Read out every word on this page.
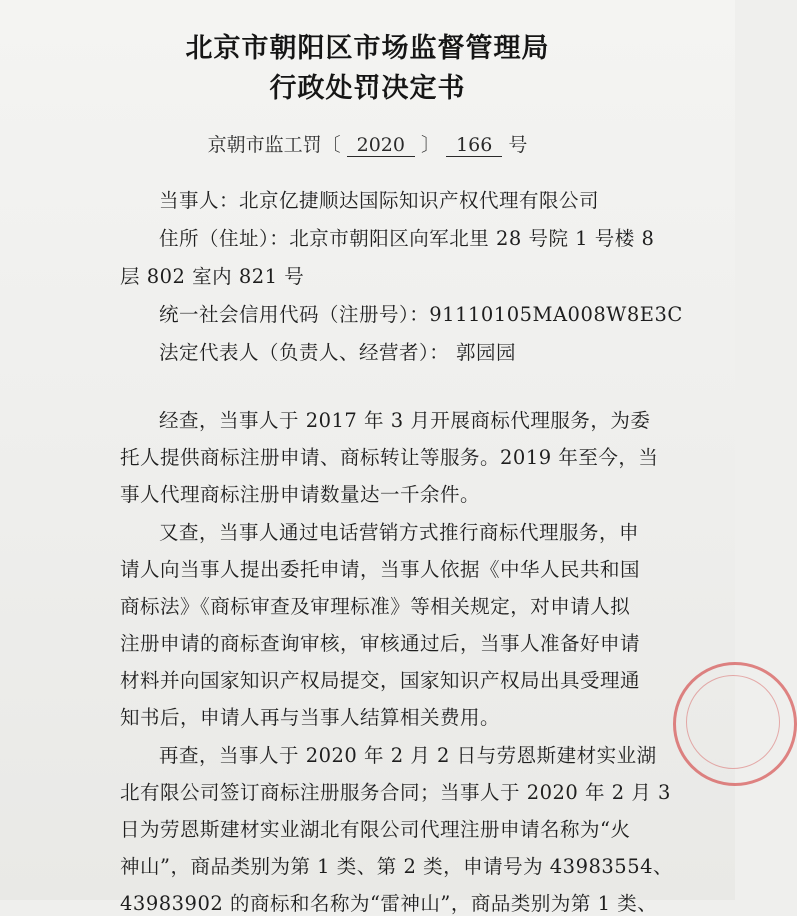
北京市朝阳区市场监督管理局
行政处罚决定书
京朝市监工罚〔 2020 〕 166 号
当事人：北京亿捷顺达国际知识产权代理有限公司
住所（住址）：北京市朝阳区向军北里 28 号院 1 号楼 8
层 802 室内 821 号
统一社会信用代码（注册号）：91110105MA008W8E3C
法定代表人（负责人、经营者）： 郭园园
经查，当事人于 2017 年 3 月开展商标代理服务，为委
托人提供商标注册申请、商标转让等服务。2019 年至今，当
事人代理商标注册申请数量达一千余件。
又查，当事人通过电话营销方式推行商标代理服务，申
请人向当事人提出委托申请，当事人依据《中华人民共和国
商标法》《商标审查及审理标准》等相关规定，对申请人拟
注册申请的商标查询审核，审核通过后，当事人准备好申请
材料并向国家知识产权局提交，国家知识产权局出具受理通
知书后，申请人再与当事人结算相关费用。
再查，当事人于 2020 年 2 月 2 日与劳恩斯建材实业湖
北有限公司签订商标注册服务合同；当事人于 2020 年 2 月 3
日为劳恩斯建材实业湖北有限公司代理注册申请名称为“火
神山”，商品类别为第 1 类、第 2 类，申请号为 43983554、
43983902 的商标和名称为“雷神山”，商品类别为第 1 类、
